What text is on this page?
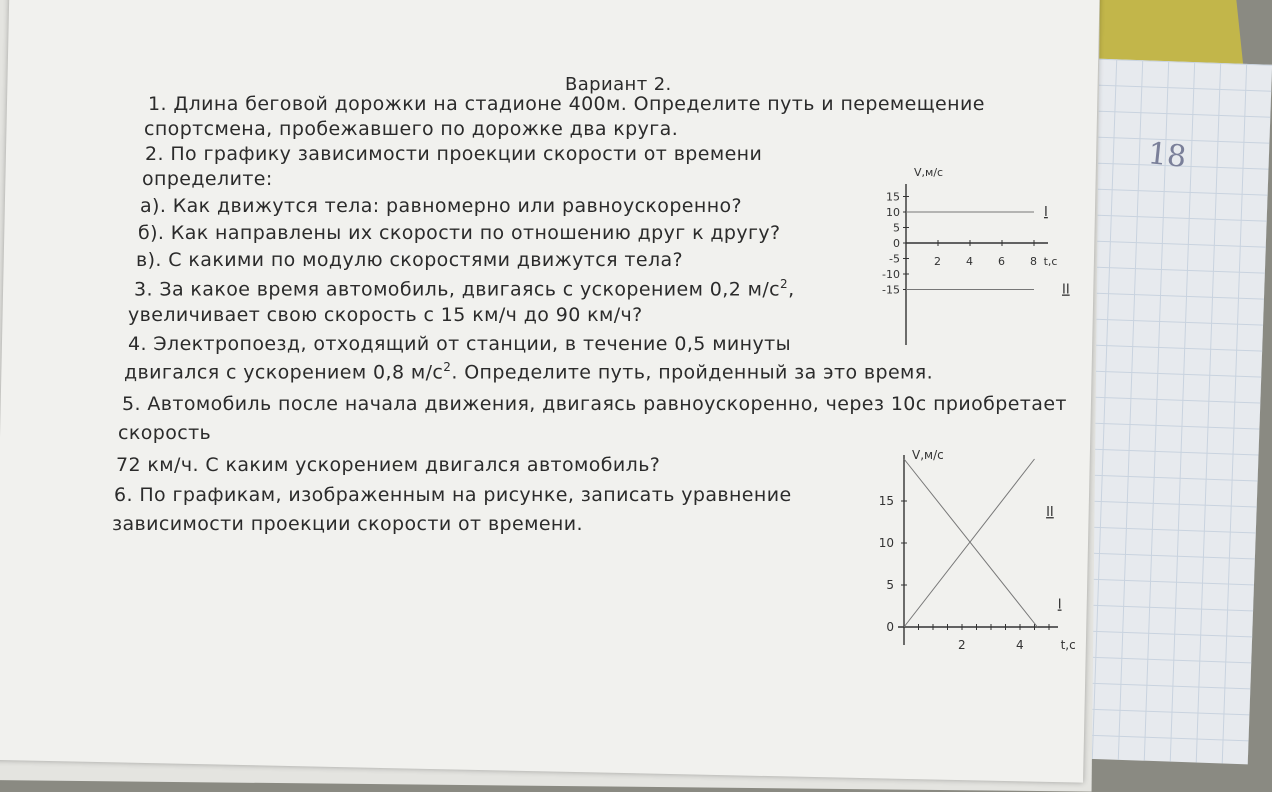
18
Вариант 2.
1. Длина беговой дорожки на стадионе 400м. Определите путь и перемещение
спортсмена, пробежавшего по дорожке два круга.
2. По графику зависимости проекции скорости от времени
определите:
а). Как движутся тела: равномерно или равноускоренно?
б). Как направлены их скорости по отношению друг к другу?
в). С какими по модулю скоростями движутся тела?
3. За какое время автомобиль, двигаясь с ускорением 0,2 $м/с^2$,
увеличивает свою скорость с 15 км/ч до 90 км/ч?
4. Электропоезд, отходящий от станции, в течение 0,5 минуты
двигался с ускорением 0,8 $м/с^2$. Определите путь, пройденный за это время.
5. Автомобиль после начала движения, двигаясь равноускоренно, через 10с приобретает
скорость
72 км/ч. С каким ускорением двигался автомобиль?
6. По графикам, изображенным на рисунке, записать уравнение
зависимости проекции скорости от времени.
V,м/с
t,c
2 4 6 8
15
10
5
0
-5
-10
-15
I
II
V,м/с
t,c
2	4
15
10
5
0
I
II
